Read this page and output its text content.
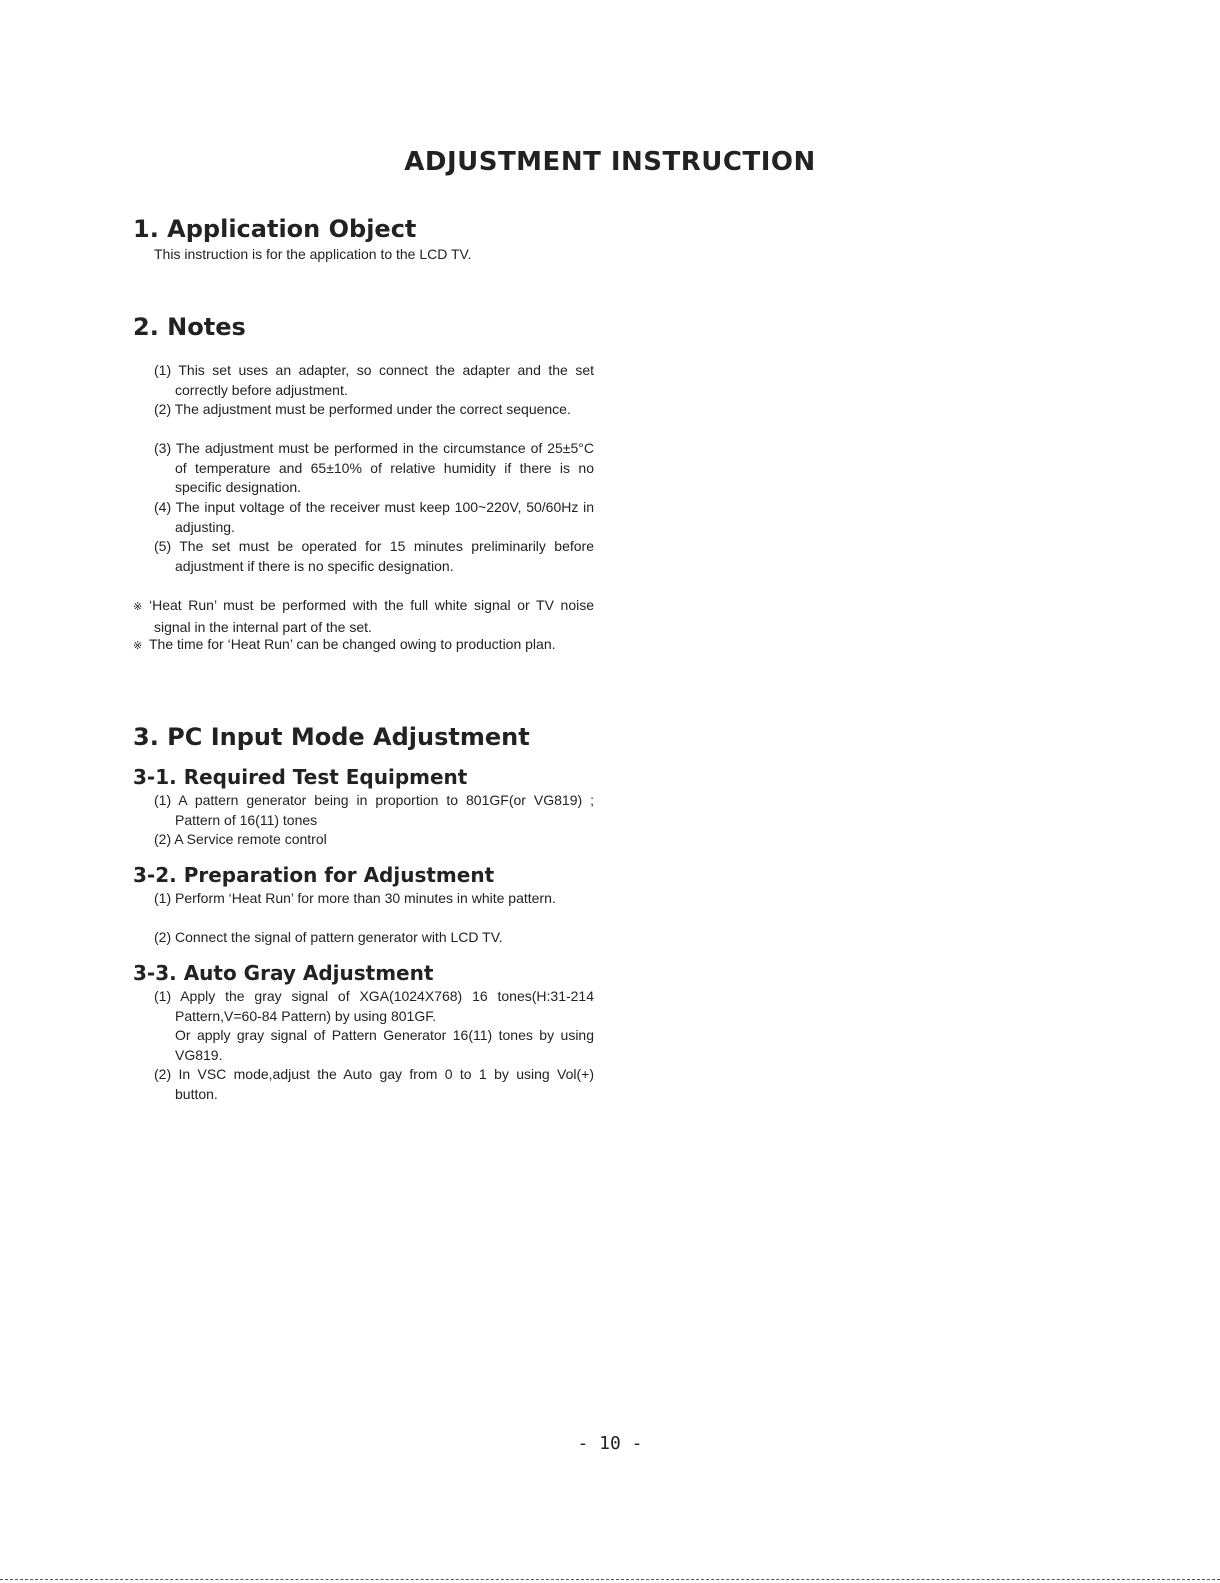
ADJUSTMENT INSTRUCTION
1. Application Object

This instruction is for the application to the LCD TV.

2. Notes
(1) This set uses an adapter, so connect the adapter and the set correctly before adjustment.
(2) The adjustment must be performed under the correct sequence.
(3) The adjustment must be performed in the circumstance of 25±5°C of temperature and 65±10% of relative humidity if there is no specific designation.
(4) The input voltage of the receiver must keep 100~220V, 50/60Hz in adjusting.
(5) The set must be operated for 15 minutes preliminarily before adjustment if there is no specific designation.
※ ‘Heat Run’ must be performed with the full white signal or TV noise signal in the internal part of the set.
※ The time for ‘Heat Run’ can be changed owing to production plan.
3. PC Input Mode Adjustment
3-1. Required Test Equipment
(1) A pattern generator being in proportion to 801GF(or VG819) ; Pattern of 16(11) tones
(2) A Service remote control
3-2. Preparation for Adjustment
(1) Perform ‘Heat Run’ for more than 30 minutes in white pattern.
(2) Connect the signal of pattern generator with LCD TV.
3-3. Auto Gray Adjustment
(1) Apply the gray signal of XGA(1024X768) 16 tones(H:31-214 Pattern,V=60-84 Pattern) by using 801GF.
Or apply gray signal of Pattern Generator 16(11) tones by using VG819.
(2) In VSC mode,adjust the Auto gay from 0 to 1 by using Vol(+) button.
- 10 -
